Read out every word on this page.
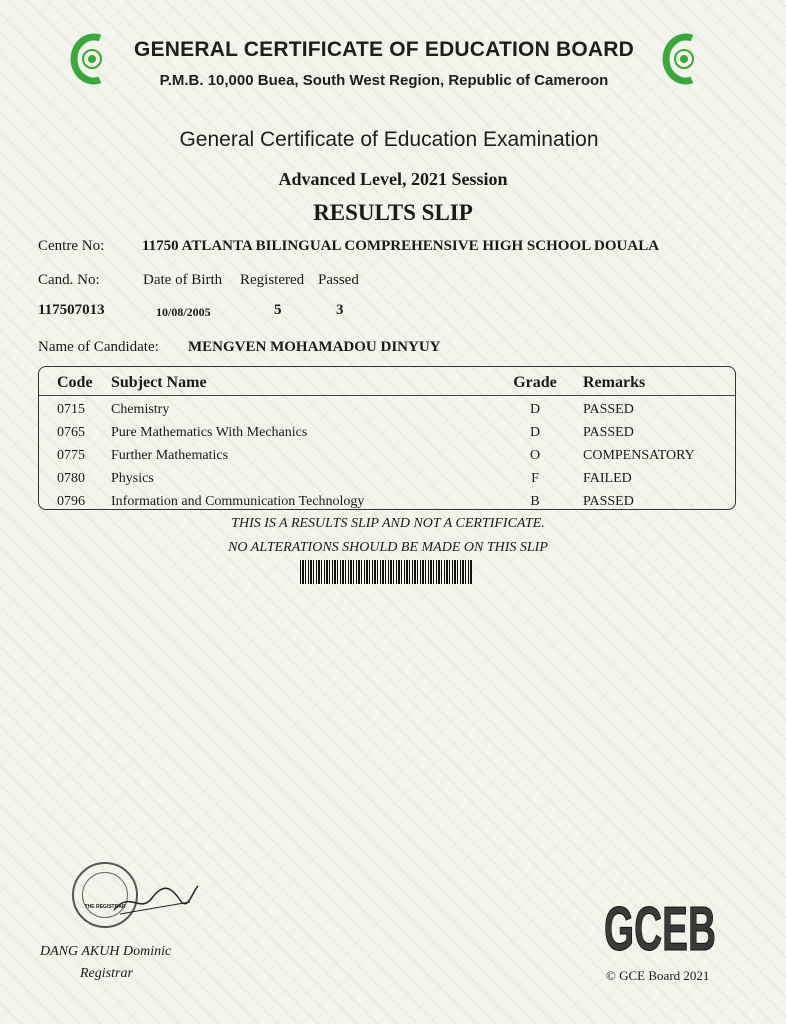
GENERAL CERTIFICATE OF EDUCATION BOARD
P.M.B. 10,000 Buea, South West Region, Republic of Cameroon
General Certificate of Education Examination
Advanced Level, 2021 Session
RESULTS SLIP
Centre No:	11750 ATLANTA BILINGUAL COMPREHENSIVE HIGH SCHOOL DOUALA
Cand. No:	Date of Birth Registered Passed
117507013	10/08/2005	5	3
Name of Candidate: MENGVEN MOHAMADOU DINYUY
Code Subject Name	Grade	Remarks
0715 Chemistry	D	PASSED
0765 Pure Mathematics With Mechanics	D	PASSED
0775 Further Mathematics	O	COMPENSATORY
0780 Physics	F	FAILED
0796 Information and Communication Technology	B	PASSED
THIS IS A RESULTS SLIP AND NOT A CERTIFICATE.
NO ALTERATIONS SHOULD BE MADE ON THIS SLIP
THE REGISTRAR
DANG AKUH Dominic
Registrar
GCEB
© GCE Board 2021
